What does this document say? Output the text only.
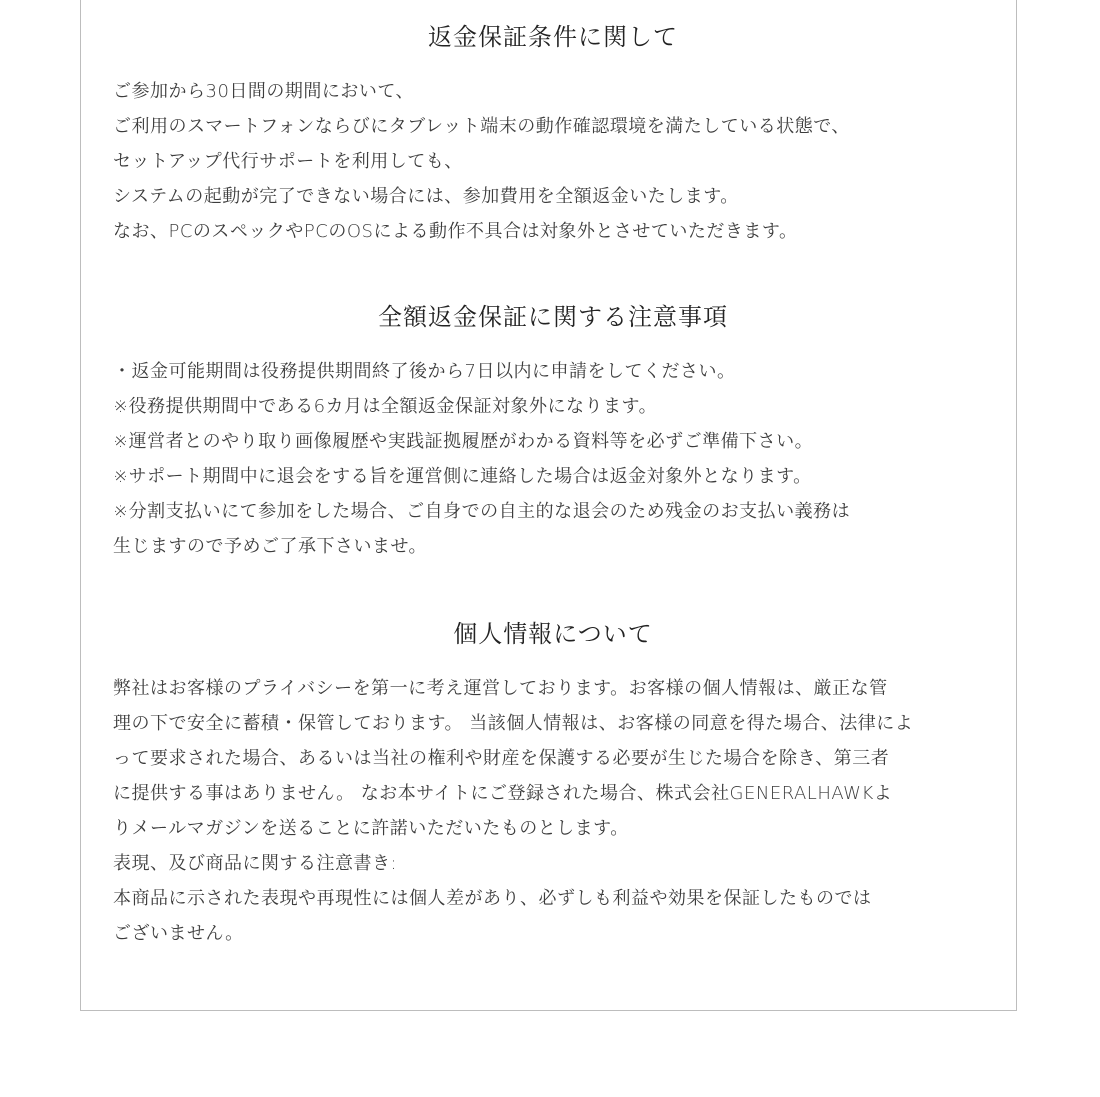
返金保証条件に関して
ご参加から30日間の期間において、
ご利用のスマートフォンならびにタブレット端末の動作確認環境を満たしている状態で、
セットアップ代行サポートを利用しても、
システムの起動が完了できない場合には、参加費用を全額返金いたします。
なお、PCのスペックやPCのOSによる動作不具合は対象外とさせていただきます。
全額返金保証に関する注意事項
・返金可能期間は役務提供期間終了後から7日以内に申請をしてください。
※役務提供期間中である6カ月は全額返金保証対象外になります。
※運営者とのやり取り画像履歴や実践証拠履歴がわかる資料等を必ずご準備下さい。
※サポート期間中に退会をする旨を運営側に連絡した場合は返金対象外となります。
※分割支払いにて参加をした場合、ご自身での自主的な退会のため残金のお支払い義務は
生じますので予めご了承下さいませ。
個人情報について
弊社はお客様のプライバシーを第一に考え運営しております。お客様の個人情報は、厳正な管
理の下で安全に蓄積・保管しております。 当該個人情報は、お客様の同意を得た場合、法律によ
って要求された場合、あるいは当社の権利や財産を保護する必要が生じた場合を除き、第三者
に提供する事はありません。 なお本サイトにご登録された場合、株式会社GENERALHAWKよ
りメールマガジンを送ることに許諾いただいたものとします。
表現、及び商品に関する注意書き:
本商品に示された表現や再現性には個人差があり、必ずしも利益や効果を保証したものでは
ございません。
